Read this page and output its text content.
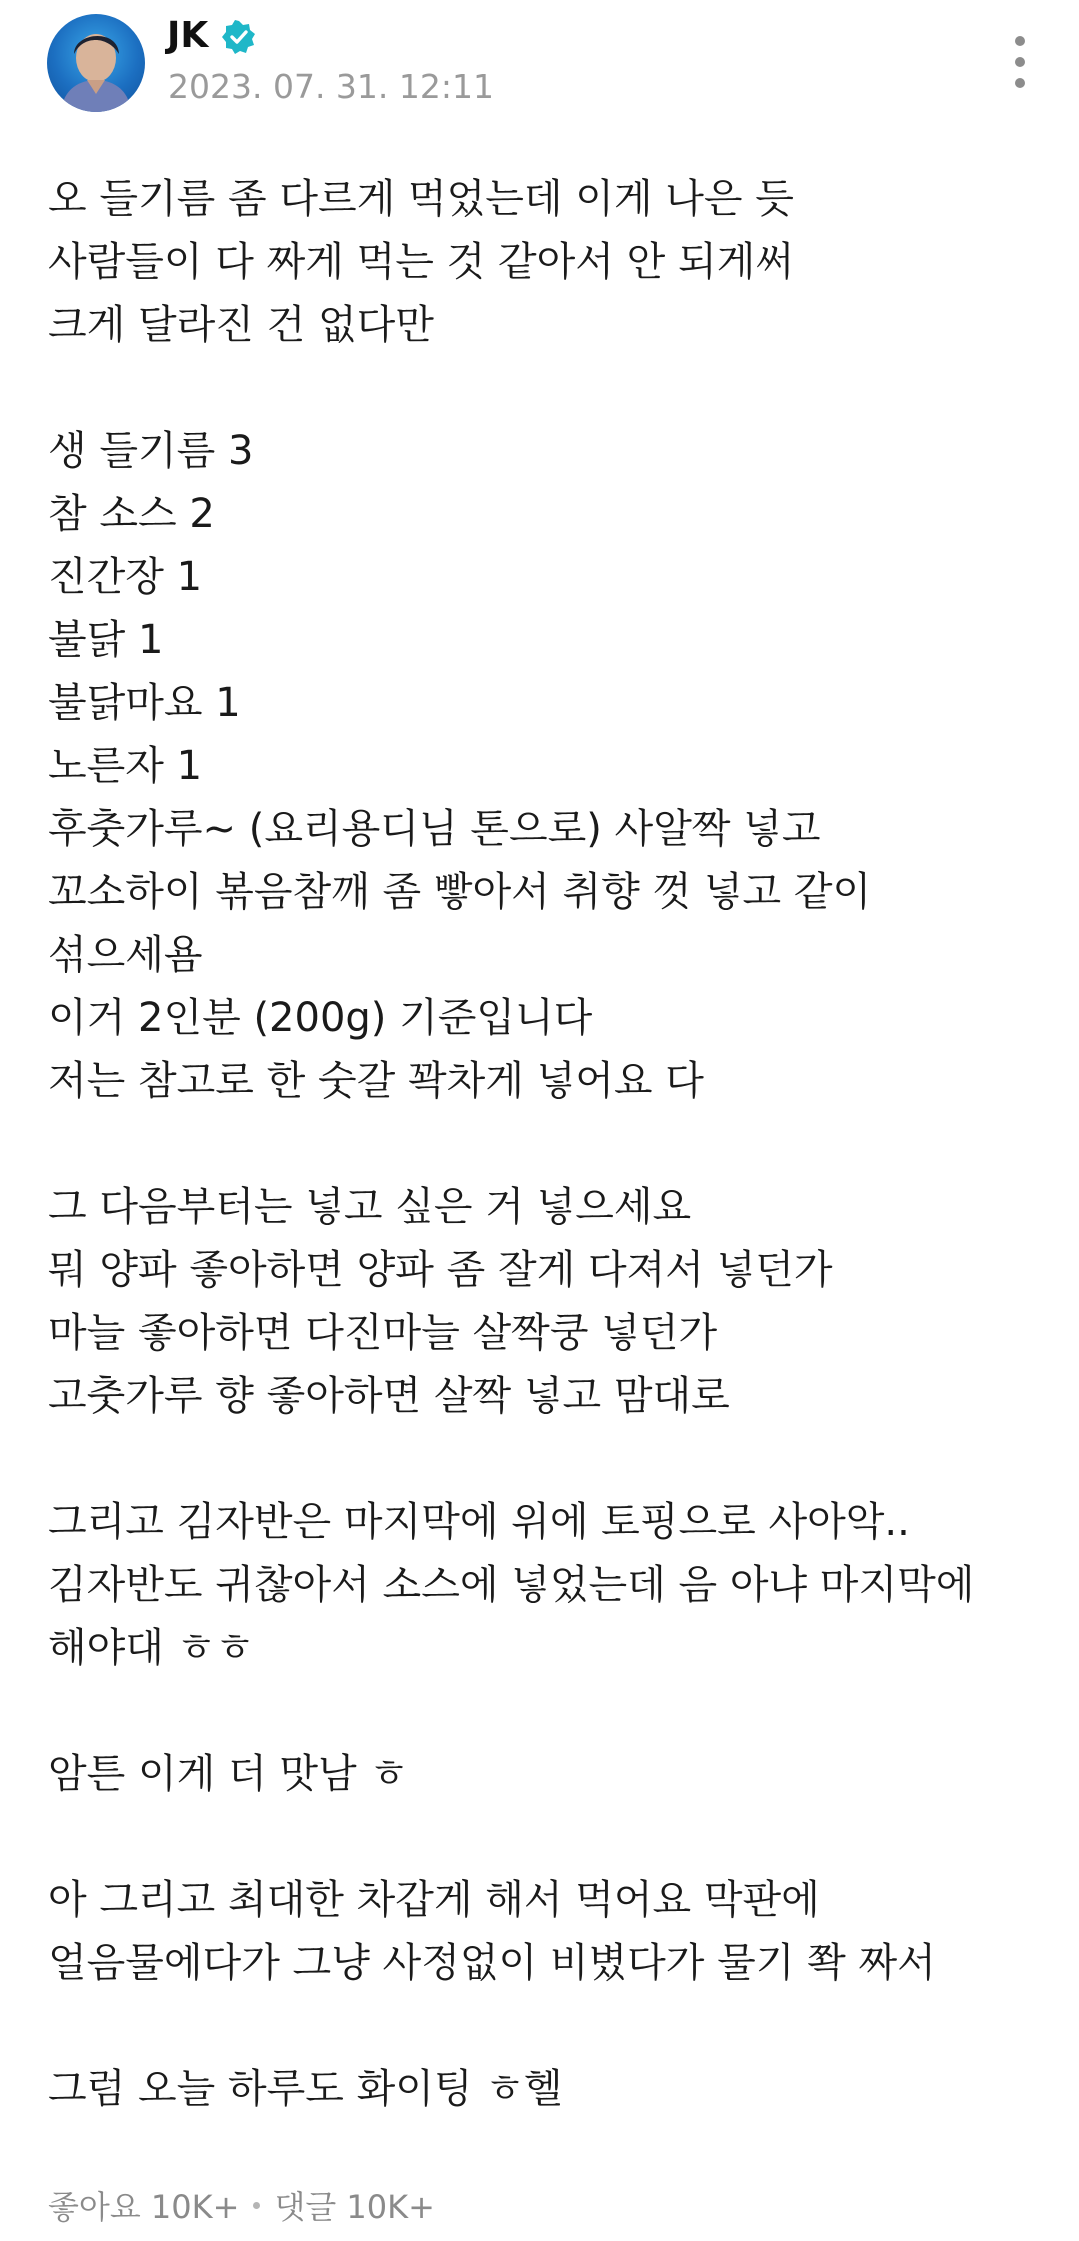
JK
2023. 07. 31. 12:11
오 들기름 좀 다르게 먹었는데 이게 나은 듯
사람들이 다 짜게 먹는 것 같아서 안 되게써
크게 달라진 건 없다만
생 들기름 3
참 소스 2
진간장 1
불닭 1
불닭마요 1
노른자 1
후춧가루~ (요리용디님 톤으로) 사알짝 넣고
꼬소하이 볶음참깨 좀 빻아서 취향 껏 넣고 같이
섞으세욤
이거 2인분 (200g) 기준입니다
저는 참고로 한 숫갈 꽉차게 넣어요 다
그 다음부터는 넣고 싶은 거 넣으세요
뭐 양파 좋아하면 양파 좀 잘게 다져서 넣던가
마늘 좋아하면 다진마늘 살짝쿵 넣던가
고춧가루 향 좋아하면 살짝 넣고 맘대로
그리고 김자반은 마지막에 위에 토핑으로 사아악..
김자반도 귀찮아서 소스에 넣었는데 음 아냐 마지막에
해야대 ㅎㅎ
암튼 이게 더 맛남 ㅎ
아 그리고 최대한 차갑게 해서 먹어요 막판에
얼음물에다가 그냥 사정없이 비볐다가 물기 쫙 짜서
그럼 오늘 하루도 화이팅 ㅎ헬
좋아요 10K+ 댓글 10K+
